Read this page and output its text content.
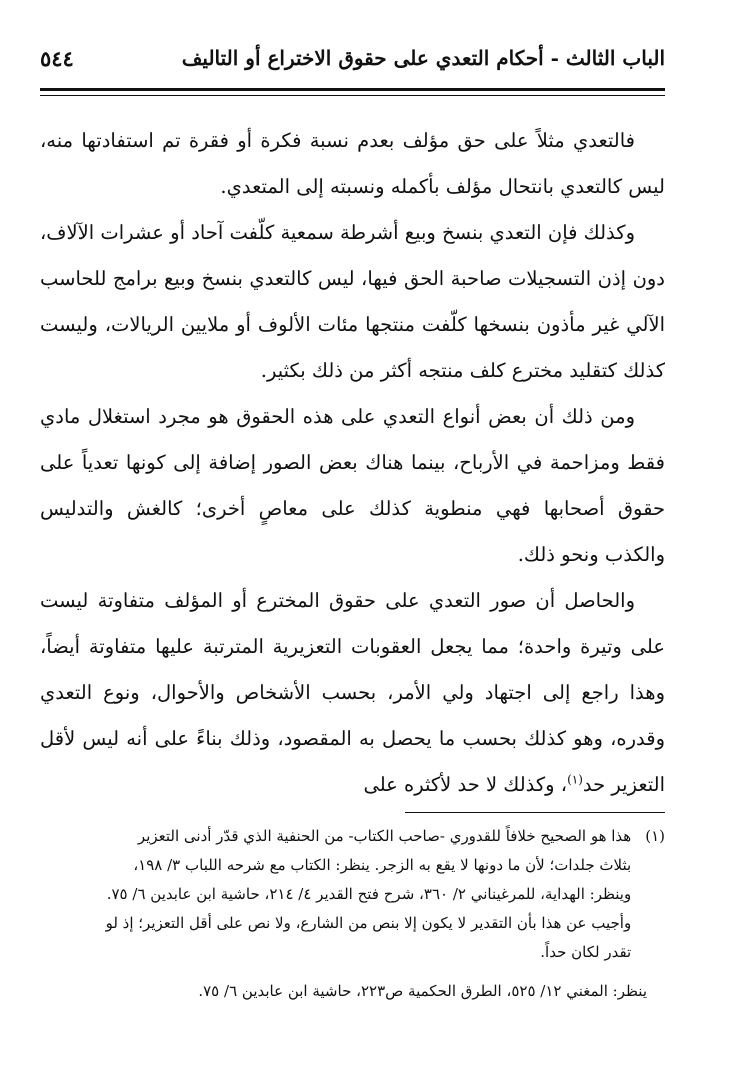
الباب الثالث - أحكام التعدي على حقوق الاختراع أو التاليف
٥٤٤

فالتعدي مثلاً على حق مؤلف بعدم نسبة فكرة أو فقرة تم استفادتها منه، ليس كالتعدي بانتحال مؤلف بأكمله ونسبته إلى المتعدي.

وكذلك فإن التعدي بنسخ وبيع أشرطة سمعية كلّفت آحاد أو عشرات الآلاف، دون إذن التسجيلات صاحبة الحق فيها، ليس كالتعدي بنسخ وبيع برامج للحاسب الآلي غير مأذون بنسخها كلّفت منتجها مئات الألوف أو ملايين الريالات، وليست كذلك كتقليد مخترع كلف منتجه أكثر من ذلك بكثير.

ومن ذلك أن بعض أنواع التعدي على هذه الحقوق هو مجرد استغلال مادي فقط ومزاحمة في الأرباح، بينما هناك بعض الصور إضافة إلى كونها تعدياً على حقوق أصحابها فهي منطوية كذلك على معاصٍ أخرى؛ كالغش والتدليس والكذب ونحو ذلك.

والحاصل أن صور التعدي على حقوق المخترع أو المؤلف متفاوتة ليست على وتيرة واحدة؛ مما يجعل العقوبات التعزيرية المترتبة عليها متفاوتة أيضاً، وهذا راجع إلى اجتهاد ولي الأمر، بحسب الأشخاص والأحوال، ونوع التعدي وقدره، وهو كذلك بحسب ما يحصل به المقصود، وذلك بناءً على أنه ليس لأقل التعزير حد$^{(١)}$، وكذلك لا حد لأكثره على

(١)
هذا هو الصحيح خلافاً للقدوري -صاحب الكتاب- من الحنفية الذي قدّر أدنى التعزير
بثلاث جلدات؛ لأن ما دونها لا يقع به الزجر. ينظر: الكتاب مع شرحه اللباب ٣/ ١٩٨،
وينظر: الهداية، للمرغيناني ٢/ ٣٦٠، شرح فتح القدير ٤/ ٢١٤، حاشية ابن عابدين ٦/ ٧٥.
وأجيب عن هذا بأن التقدير لا يكون إلا بنص من الشارع، ولا نص على أقل التعزير؛ إذ لو
تقدر لكان حداً.
ينظر: المغني ١٢/ ٥٢٥، الطرق الحكمية ص٢٢٣، حاشية ابن عابدين ٦/ ٧٥.
